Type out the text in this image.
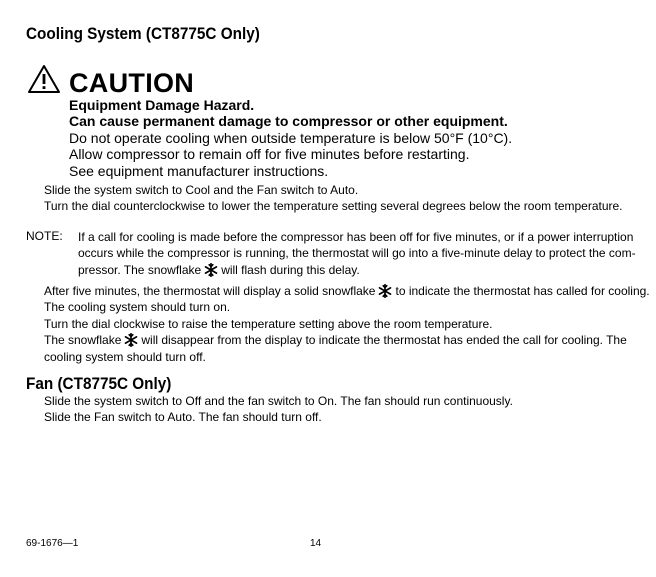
Cooling System (CT8775C Only)
CAUTION
Equipment Damage Hazard.
Can cause permanent damage to compressor or other equipment.
Do not operate cooling when outside temperature is below 50°F (10°C).
Allow compressor to remain off for five minutes before restarting.
See equipment manufacturer instructions.
Slide the system switch to Cool and the Fan switch to Auto.
Turn the dial counterclockwise to lower the temperature setting several degrees below the room temperature.
NOTE: If a call for cooling is made before the compressor has been off for five minutes, or if a power interruption
occurs while the compressor is running, the thermostat will go into a five-minute delay to protect the com-
pressor. The snowflake will flash during this delay.
After five minutes, the thermostat will display a solid snowflake to indicate the thermostat has called for cooling.
The cooling system should turn on.
Turn the dial clockwise to raise the temperature setting above the room temperature.
The snowflake will disappear from the display to indicate the thermostat has ended the call for cooling. The
cooling system should turn off.
Fan (CT8775C Only)
Slide the system switch to Off and the fan switch to On. The fan should run continuously.
Slide the Fan switch to Auto. The fan should turn off.
69-1676—1	14
